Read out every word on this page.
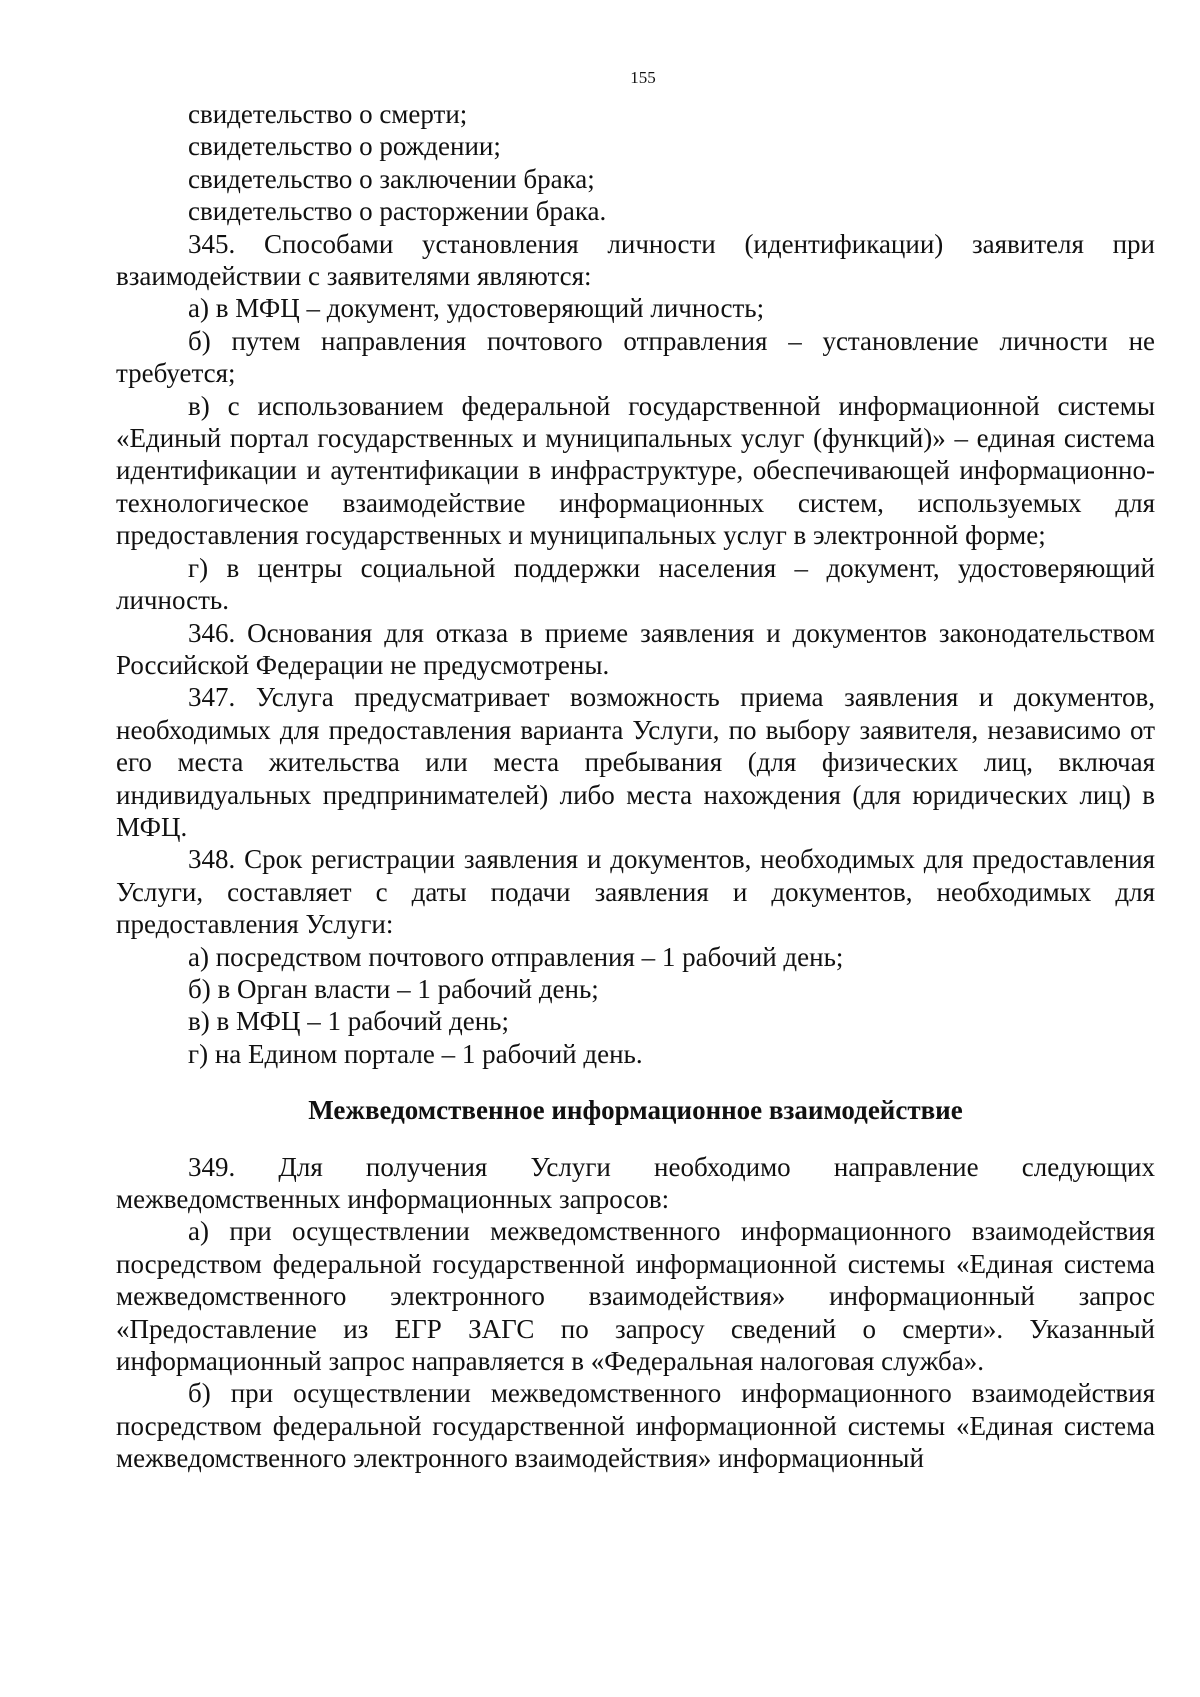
155

свидетельство о смерти;

свидетельство о рождении;

свидетельство о заключении брака;

свидетельство о расторжении брака.

345. Способами установления личности (идентификации) заявителя при взаимодействии с заявителями являются:

а) в МФЦ – документ, удостоверяющий личность;

б) путем направления почтового отправления – установление личности не требуется;

в) с использованием федеральной государственной информационной системы «Единый портал государственных и муниципальных услуг (функций)» – единая система идентификации и аутентификации в инфраструктуре, обеспечивающей информационно-технологическое взаимодействие информационных систем, используемых для предоставления государственных и муниципальных услуг в электронной форме;

г) в центры социальной поддержки населения – документ, удостоверяющий личность.

346. Основания для отказа в приеме заявления и документов законодательством Российской Федерации не предусмотрены.

347. Услуга предусматривает возможность приема заявления и документов, необходимых для предоставления варианта Услуги, по выбору заявителя, независимо от его места жительства или места пребывания (для физических лиц, включая индивидуальных предпринимателей) либо места нахождения (для юридических лиц) в МФЦ.

348. Срок регистрации заявления и документов, необходимых для предоставления Услуги, составляет с даты подачи заявления и документов, необходимых для предоставления Услуги:

а) посредством почтового отправления – 1 рабочий день;

б) в Орган власти – 1 рабочий день;

в) в МФЦ – 1 рабочий день;

г) на Едином портале – 1 рабочий день.

Межведомственное информационное взаимодействие

349. Для получения Услуги необходимо направление следующих межведомственных информационных запросов:

а) при осуществлении межведомственного информационного взаимодействия посредством федеральной государственной информационной системы «Единая система межведомственного электронного взаимодействия» информационный запрос «Предоставление из ЕГР ЗАГС по запросу сведений о смерти». Указанный информационный запрос направляется в «Федеральная налоговая служба».

б) при осуществлении межведомственного информационного взаимодействия посредством федеральной государственной информационной системы «Единая система межведомственного электронного взаимодействия» информационный
